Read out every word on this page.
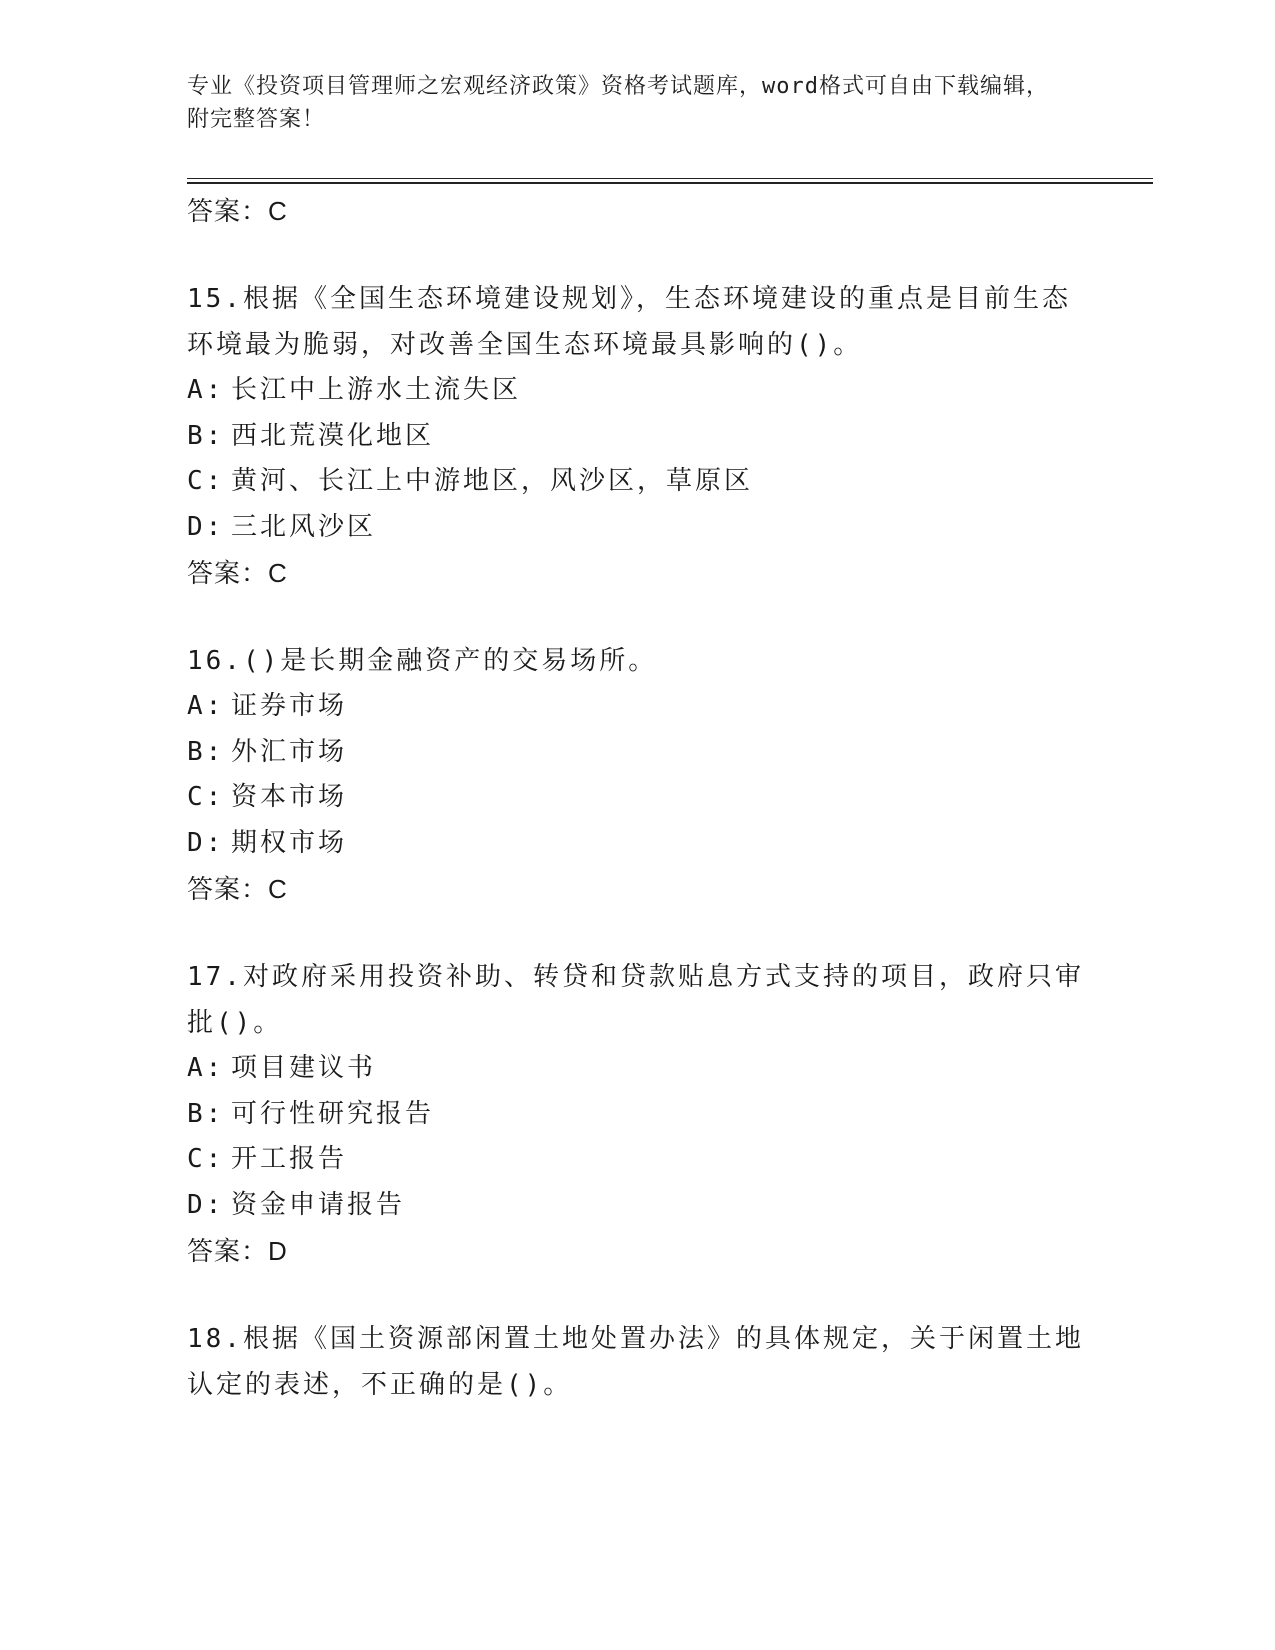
专业《投资项目管理师之宏观经济政策》资格考试题库，word格式可自由下载编辑，附完整答案！
答案：C
15.根据《全国生态环境建设规划》，生态环境建设的重点是目前生态环境最为脆弱，对改善全国生态环境最具影响的()。
A: 长江中上游水土流失区
B: 西北荒漠化地区
C: 黄河、长江上中游地区，风沙区，草原区
D: 三北风沙区
答案：C
16.()是长期金融资产的交易场所。
A: 证券市场
B: 外汇市场
C: 资本市场
D: 期权市场
答案：C
17.对政府采用投资补助、转贷和贷款贴息方式支持的项目，政府只审批()。
A: 项目建议书
B: 可行性研究报告
C: 开工报告
D: 资金申请报告
答案：D
18.根据《国土资源部闲置土地处置办法》的具体规定，关于闲置土地认定的表述，不正确的是()。
